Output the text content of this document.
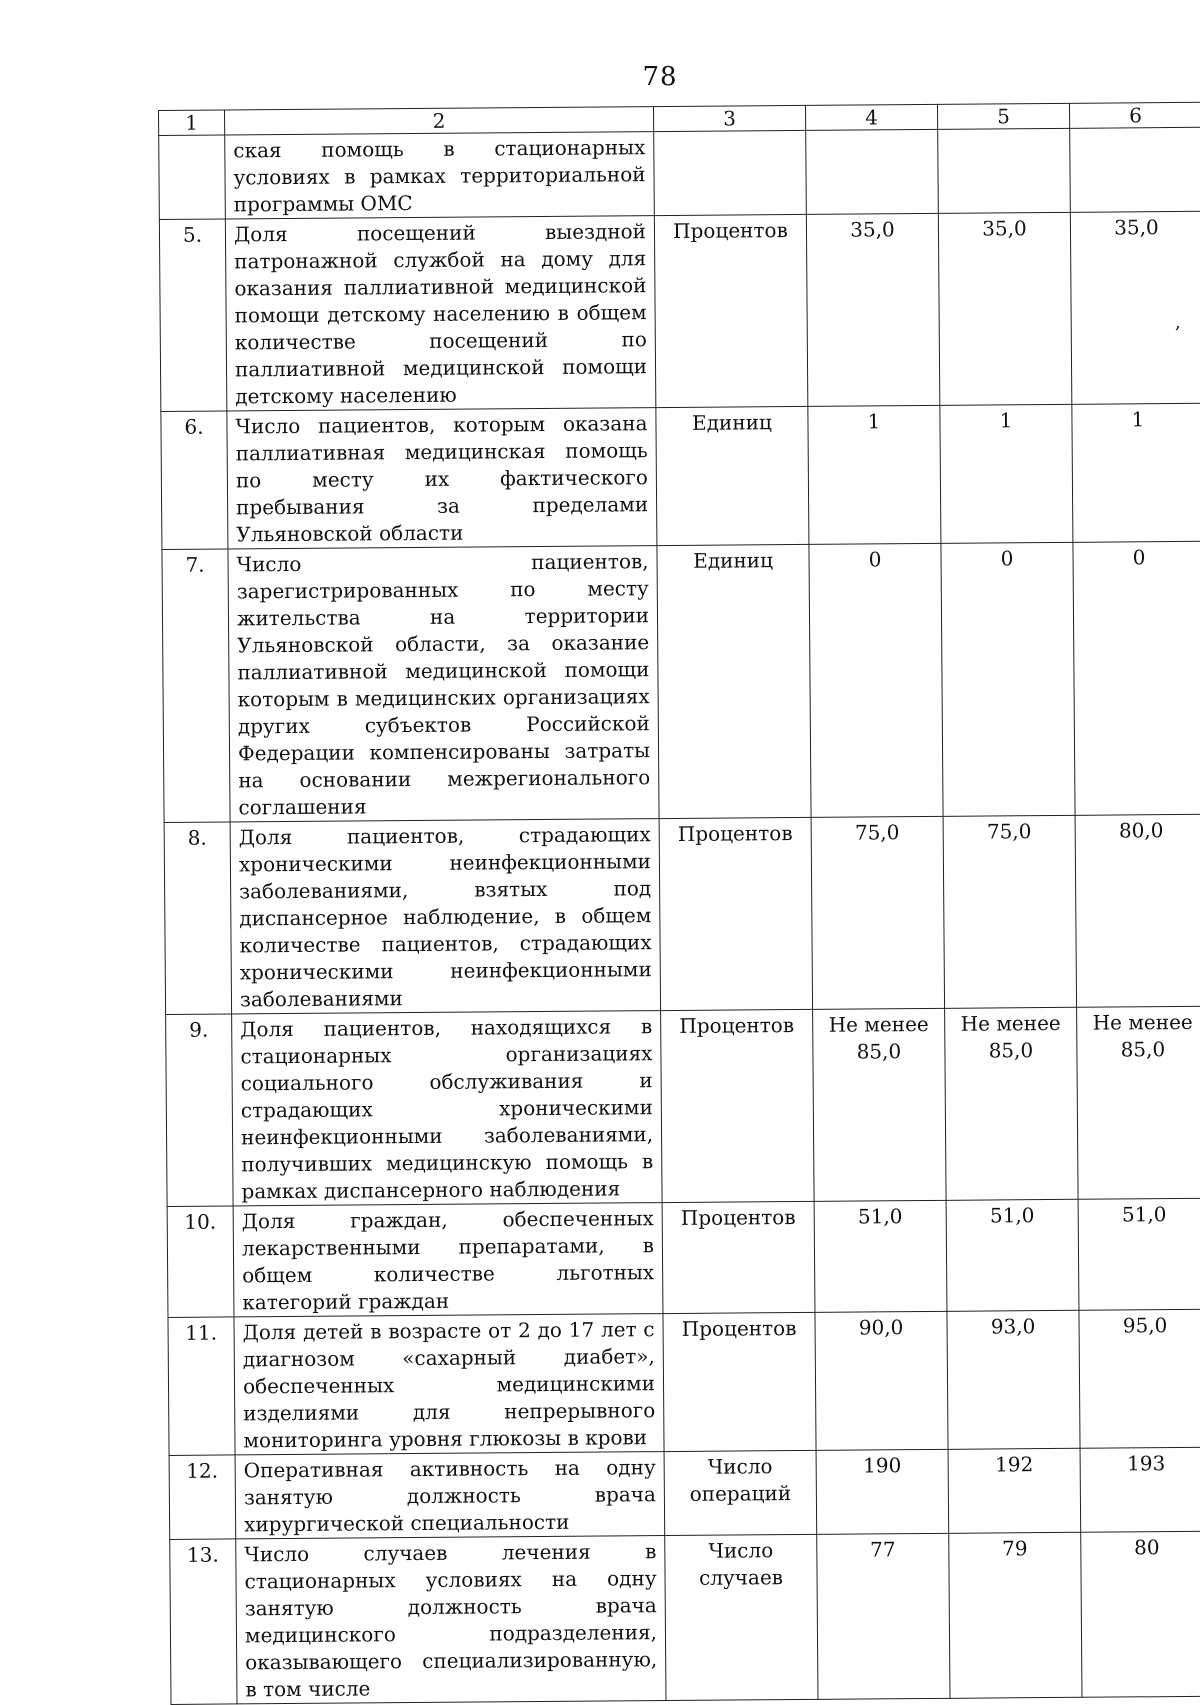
78
,
1	2	3	4	5	6
	ская помощь в стационарных условиях в рамках территориальной программы ОМС				
5.	Доля посещений выездной патронажной службой на дому для оказания паллиативной медицинской помощи детскому населению в общем количестве посещений по паллиативной медицинской помощи детскому населению	Процентов	35,0	35,0	35,0
6.	Число пациентов, которым оказана паллиативная медицинская помощь по месту их фактического пребывания за пределами Ульяновской области	Единиц	1	1	1
7.	Число пациентов, зарегистрированных по месту жительства на территории Ульяновской области, за оказание паллиативной медицинской помощи которым в медицинских организациях других субъектов Российской Федерации компенсированы затраты на основании межрегионального соглашения	Единиц	0	0	0
8.	Доля пациентов, страдающих хроническими неинфекционными заболеваниями, взятых под диспансерное наблюдение, в общем количестве пациентов, страдающих хроническими неинфекционными заболеваниями	Процентов	75,0	75,0	80,0
9.	Доля пациентов, находящихся в стационарных организациях социального обслуживания и страдающих хроническими неинфекционными заболеваниями, получивших медицинскую помощь в рамках диспансерного наблюдения	Процентов	Не менее 85,0	Не менее 85,0	Не менее 85,0
10.	Доля граждан, обеспеченных лекарственными препаратами, в общем количестве льготных категорий граждан	Процентов	51,0	51,0	51,0
11.	Доля детей в возрасте от 2 до 17 лет с диагнозом «сахарный диабет», обеспеченных медицинскими изделиями для непрерывного мониторинга уровня глюкозы в крови	Процентов	90,0	93,0	95,0
12.	Оперативная активность на одну занятую должность врача хирургической специальности	Число операций	190	192	193
13.	Число случаев лечения в стационарных условиях на одну занятую должность врача медицинского подразделения, оказывающего специализированную, в том числе	Число случаев	77	79	80
